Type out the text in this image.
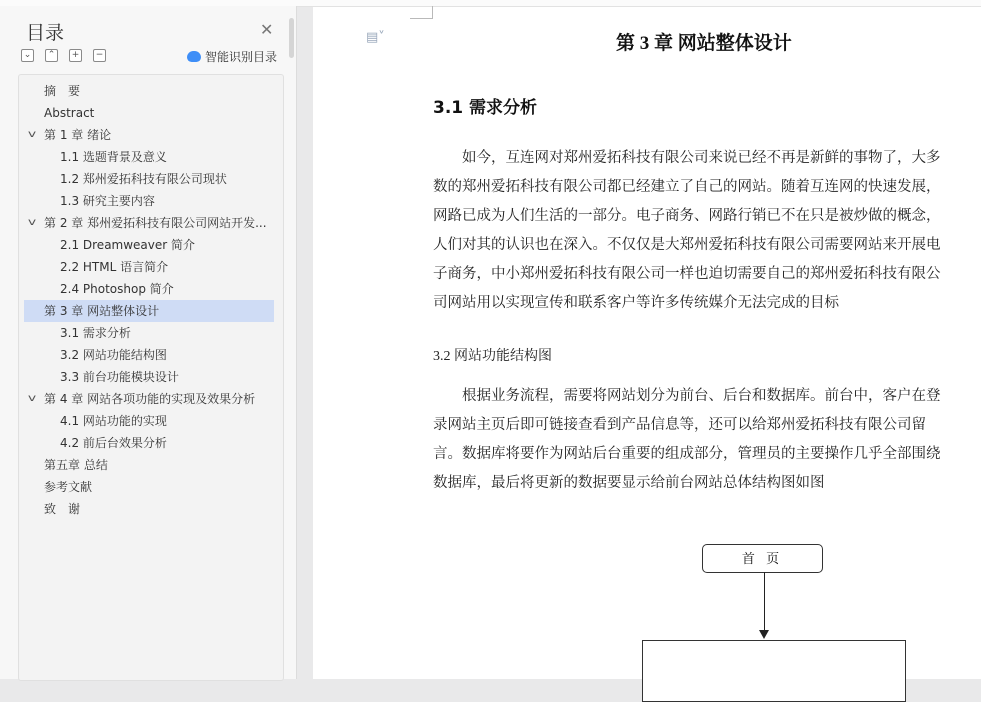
目录	✕
⌄	⌃	+	−	智能识别目录
摘　要
Abstract
v 第 1 章 绪论
1.1 选题背景及意义
1.2 郑州爱拓科技有限公司现状
1.3 研究主要内容
v 第 2 章 郑州爱拓科技有限公司网站开发...
2.1 Dreamweaver 简介
2.2 HTML 语言简介
2.4 Photoshop 简介
第 3 章 网站整体设计
3.1 需求分析
3.2 网站功能结构图
3.3 前台功能模块设计
v 第 4 章 网站各项功能的实现及效果分析
4.1 网站功能的实现
4.2 前后台效果分析
第五章 总结
参考文献
致　谢
▤˅	第 3 章 网站整体设计
3.1 需求分析
　　如今，互连网对郑州爱拓科技有限公司来说已经不再是新鲜的事物了，大多
数的郑州爱拓科技有限公司都已经建立了自己的网站。随着互连网的快速发展，
网路已成为人们生活的一部分。电子商务、网路行销已不在只是被炒做的概念，
人们对其的认识也在深入。不仅仅是大郑州爱拓科技有限公司需要网站来开展电
子商务，中小郑州爱拓科技有限公司一样也迫切需要自己的郑州爱拓科技有限公
司网站用以实现宣传和联系客户等许多传统媒介无法完成的目标
3.2 网站功能结构图
　　根据业务流程，需要将网站划分为前台、后台和数据库。前台中，客户在登
录网站主页后即可链接查看到产品信息等，还可以给郑州爱拓科技有限公司留
言。数据库将要作为网站后台重要的组成部分，管理员的主要操作几乎全部围绕
数据库，最后将更新的数据要显示给前台网站总体结构图如图
首 页
